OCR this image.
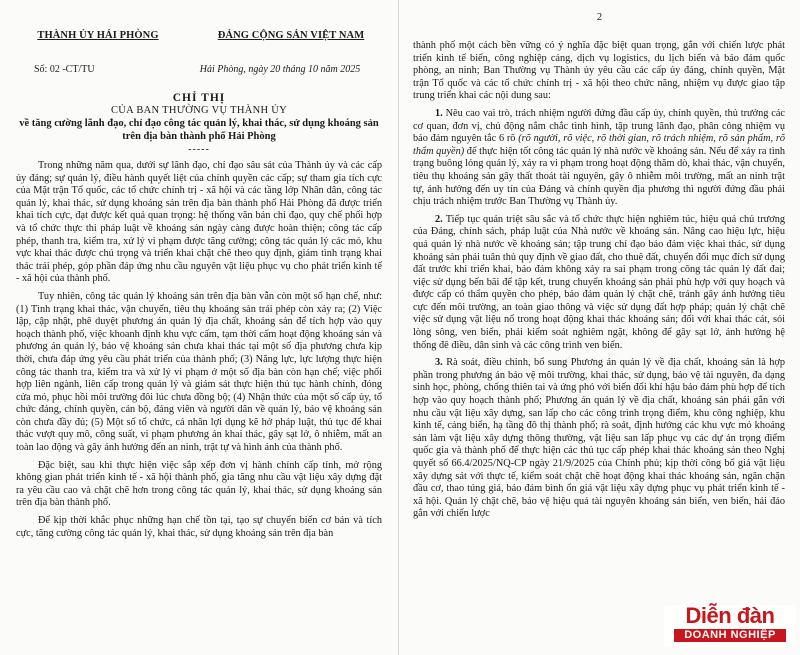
THÀNH ỦY HẢI PHÒNG	ĐẢNG CỘNG SẢN VIỆT NAM
Số: 02 -CT/TU	Hải Phòng, ngày 20 tháng 10 năm 2025
CHỈ THỊ
CỦA BAN THƯỜNG VỤ THÀNH ỦY
về tăng cường lãnh đạo, chỉ đạo công tác quản lý, khai thác, sử dụng khoáng sản trên địa bàn thành phố Hải Phòng
-----

Trong những năm qua, dưới sự lãnh đạo, chỉ đạo sâu sát của Thành ủy và các cấp ủy đảng; sự quản lý, điều hành quyết liệt của chính quyền các cấp; sự tham gia tích cực của Mặt trận Tổ quốc, các tổ chức chính trị - xã hội và các tầng lớp Nhân dân, công tác quản lý, khai thác, sử dụng khoáng sản trên địa bàn thành phố Hải Phòng đã được triển khai tích cực, đạt được kết quả quan trọng: hệ thống văn bản chỉ đạo, quy chế phối hợp và tổ chức thực thi pháp luật về khoáng sản ngày càng được hoàn thiện; công tác cấp phép, thanh tra, kiểm tra, xử lý vi phạm được tăng cường; công tác quản lý các mỏ, khu vực khai thác được chú trọng và triển khai chặt chẽ theo quy định, giảm tình trạng khai thác trái phép, góp phần đáp ứng nhu cầu nguyên vật liệu phục vụ cho phát triển kinh tế - xã hội của thành phố.

Tuy nhiên, công tác quản lý khoáng sản trên địa bàn vẫn còn một số hạn chế, như: (1) Tình trạng khai thác, vận chuyển, tiêu thụ khoáng sản trái phép còn xảy ra; (2) Việc lập, cập nhật, phê duyệt phương án quản lý địa chất, khoáng sản để tích hợp vào quy hoạch thành phố, việc khoanh định khu vực cấm, tạm thời cấm hoạt động khoáng sản và phương án quản lý, bảo vệ khoáng sản chưa khai thác tại một số địa phương chưa kịp thời, chưa đáp ứng yêu cầu phát triển của thành phố; (3) Năng lực, lực lượng thực hiện công tác thanh tra, kiểm tra và xử lý vi phạm ở một số địa bàn còn hạn chế; việc phối hợp liên ngành, liên cấp trong quản lý và giám sát thực hiện thủ tục hành chính, đóng cửa mỏ, phục hồi môi trường đôi lúc chưa đồng bộ; (4) Nhận thức của một số cấp ủy, tổ chức đảng, chính quyền, cán bộ, đảng viên và người dân về quản lý, bảo vệ khoáng sản còn chưa đầy đủ; (5) Một số tổ chức, cá nhân lợi dụng kẽ hở pháp luật, thủ tục để khai thác vượt quy mô, công suất, vi phạm phương án khai thác, gây sạt lở, ô nhiễm, mất an toàn lao động và gây ảnh hưởng đến an ninh, trật tự và hình ảnh của thành phố.

Đặc biệt, sau khi thực hiện việc sắp xếp đơn vị hành chính cấp tỉnh, mở rộng không gian phát triển kinh tế - xã hội thành phố, gia tăng nhu cầu vật liệu xây dựng đặt ra yêu cầu cao và chặt chẽ hơn trong công tác quản lý, khai thác, sử dụng khoáng sản trên địa bàn thành phố.

Để kịp thời khắc phục những hạn chế tồn tại, tạo sự chuyển biến cơ bản và tích cực, tăng cường công tác quản lý, khai thác, sử dụng khoáng sản trên địa bàn

2

thành phố một cách bền vững có ý nghĩa đặc biệt quan trọng, gắn với chiến lược phát triển kinh tế biển, công nghiệp cảng, dịch vụ logistics, du lịch biển và bảo đảm quốc phòng, an ninh; Ban Thường vụ Thành ủy yêu cầu các cấp ủy đảng, chính quyền, Mặt trận Tổ quốc và các tổ chức chính trị - xã hội theo chức năng, nhiệm vụ được giao tập trung triển khai các nội dung sau:

1. Nêu cao vai trò, trách nhiệm người đứng đầu cấp ủy, chính quyền, thủ trưởng các cơ quan, đơn vị, chủ động nắm chắc tình hình, tập trung lãnh đạo, phân công nhiệm vụ bảo đảm nguyên tắc 6 rõ (rõ người, rõ việc, rõ thời gian, rõ trách nhiệm, rõ sản phẩm, rõ thẩm quyền) để thực hiện tốt công tác quản lý nhà nước về khoáng sản. Nếu để xảy ra tình trạng buông lỏng quản lý, xảy ra vi phạm trong hoạt động thăm dò, khai thác, vận chuyển, tiêu thụ khoáng sản gây thất thoát tài nguyên, gây ô nhiễm môi trường, mất an ninh trật tự, ảnh hưởng đến uy tín của Đảng và chính quyền địa phương thì người đứng đầu phải chịu trách nhiệm trước Ban Thường vụ Thành ủy.

2. Tiếp tục quán triệt sâu sắc và tổ chức thực hiện nghiêm túc, hiệu quả chủ trương của Đảng, chính sách, pháp luật của Nhà nước về khoáng sản. Nâng cao hiệu lực, hiệu quả quản lý nhà nước về khoáng sản; tập trung chỉ đạo bảo đảm việc khai thác, sử dụng khoáng sản phải tuân thủ quy định về giao đất, cho thuê đất, chuyển đổi mục đích sử dụng đất trước khi triển khai, bảo đảm không xảy ra sai phạm trong công tác quản lý đất đai; việc sử dụng bến bãi để tập kết, trung chuyển khoáng sản phải phù hợp với quy hoạch và được cấp có thẩm quyền cho phép, bảo đảm quản lý chặt chẽ, tránh gây ảnh hưởng tiêu cực đến môi trường, an toàn giao thông và việc sử dụng đất hợp pháp; quản lý chặt chẽ việc sử dụng vật liệu nổ trong hoạt động khai thác khoáng sản; đối với khai thác cát, sỏi lòng sông, ven biển, phải kiểm soát nghiêm ngặt, không để gây sạt lở, ảnh hưởng hệ thống đê điều, dân sinh và các công trình ven biển.

3. Rà soát, điều chỉnh, bổ sung Phương án quản lý về địa chất, khoáng sản là hợp phần trong phương án bảo vệ môi trường, khai thác, sử dụng, bảo vệ tài nguyên, đa dạng sinh học, phòng, chống thiên tai và ứng phó với biến đổi khí hậu bảo đảm phù hợp để tích hợp vào quy hoạch thành phố; Phương án quản lý về địa chất, khoáng sản phải gắn với nhu cầu vật liệu xây dựng, san lấp cho các công trình trọng điểm, khu công nghiệp, khu kinh tế, cảng biển, hạ tầng đô thị thành phố; rà soát, định hướng các khu vực mỏ khoáng sản làm vật liệu xây dựng thông thường, vật liệu san lấp phục vụ các dự án trọng điểm quốc gia và thành phố để thực hiện các thủ tục cấp phép khai thác khoáng sản theo Nghị quyết số 66.4/2025/NQ-CP ngày 21/9/2025 của Chính phủ; kịp thời công bố giá vật liệu xây dựng sát với thực tế, kiểm soát chặt chẽ hoạt động khai thác khoáng sản, ngăn chặn đầu cơ, thao túng giá, bảo đảm bình ổn giá vật liệu xây dựng phục vụ phát triển kinh tế - xã hội. Quản lý chặt chẽ, bảo vệ hiệu quả tài nguyên khoáng sản biển, ven biển, hải đảo gắn với chiến lược

Diễn đàn
DOANH NGHIỆP
